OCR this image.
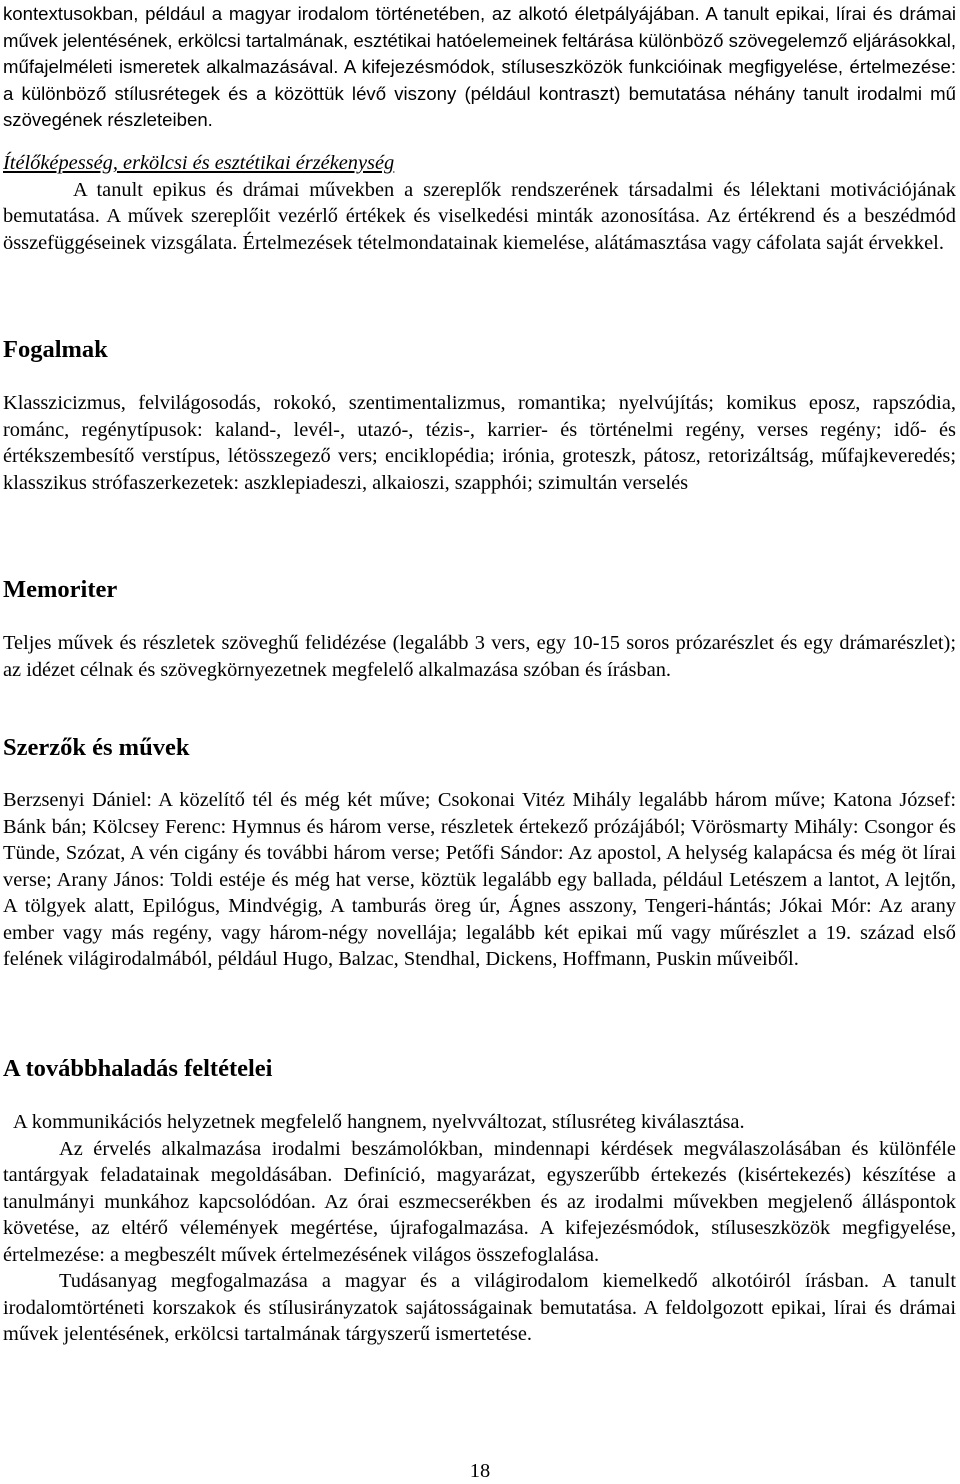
kontextusokban, például a magyar irodalom történetében, az alkotó életpályájában. A tanult epikai, lírai és drámai művek jelentésének, erkölcsi tartalmának, esztétikai hatóelemeinek feltárása különböző szövegelemző eljárásokkal, műfajelméleti ismeretek alkalmazásával. A kifejezésmódok, stíluseszközök funkcióinak megfigyelése, értelmezése: a különböző stílusrétegek és a közöttük lévő viszony (például kontraszt) bemutatása néhány tanult irodalmi mű szövegének részleteiben.

Ítélőképesség, erkölcsi és esztétikai érzékenység

A tanult epikus és drámai művekben a szereplők rendszerének társadalmi és lélektani motivációjának bemutatása. A művek szereplőit vezérlő értékek és viselkedési minták azonosítása. Az értékrend és a beszédmód összefüggéseinek vizsgálata. Értelmezések tételmondatainak kiemelése, alátámasztása vagy cáfolata saját érvekkel.

Fogalmak

Klasszicizmus, felvilágosodás, rokokó, szentimentalizmus, romantika; nyelvújítás; komikus eposz, rapszódia, románc, regénytípusok: kaland-, levél-, utazó-, tézis-, karrier- és történelmi regény, verses regény; idő- és értékszembesítő verstípus, létösszegező vers; enciklopédia; irónia, groteszk, pátosz, retorizáltság, műfajkeveredés; klasszikus strófaszerkezetek: aszklepiadeszi, alkaioszi, szapphói; szimultán verselés

Memoriter

Teljes művek és részletek szöveghű felidézése (legalább 3 vers, egy 10-15 soros prózarészlet és egy drámarészlet); az idézet célnak és szövegkörnyezetnek megfelelő alkalmazása szóban és írásban.

Szerzők és művek

Berzsenyi Dániel: A közelítő tél és még két műve; Csokonai Vitéz Mihály legalább három műve; Katona József: Bánk bán; Kölcsey Ferenc: Hymnus és három verse, részletek értekező prózájából; Vörösmarty Mihály: Csongor és Tünde, Szózat, A vén cigány és további három verse; Petőfi Sándor: Az apostol, A helység kalapácsa és még öt lírai verse; Arany János: Toldi estéje és még hat verse, köztük legalább egy ballada, például Letészem a lantot, A lejtőn, A tölgyek alatt, Epilógus, Mindvégig, A tamburás öreg úr, Ágnes asszony, Tengeri-hántás; Jókai Mór: Az arany ember vagy más regény, vagy három-négy novellája; legalább két epikai mű vagy műrészlet a 19. század első felének világirodalmából, például Hugo, Balzac, Stendhal, Dickens, Hoffmann, Puskin műveiből.

A továbbhaladás feltételei

A kommunikációs helyzetnek megfelelő hangnem, nyelvváltozat, stílusréteg kiválasztása.

Az érvelés alkalmazása irodalmi beszámolókban, mindennapi kérdések megválaszolásában és különféle tantárgyak feladatainak megoldásában. Definíció, magyarázat, egyszerűbb értekezés (kisértekezés) készítése a tanulmányi munkához kapcsolódóan. Az órai eszmecserékben és az irodalmi művekben megjelenő álláspontok követése, az eltérő vélemények megértése, újrafogalmazása. A kifejezésmódok, stíluseszközök megfigyelése, értelmezése: a megbeszélt művek értelmezésének világos összefoglalása.

Tudásanyag megfogalmazása a magyar és a világirodalom kiemelkedő alkotóiról írásban. A tanult irodalomtörténeti korszakok és stílusirányzatok sajátosságainak bemutatása. A feldolgozott epikai, lírai és drámai művek jelentésének, erkölcsi tartalmának tárgyszerű ismertetése.

18
